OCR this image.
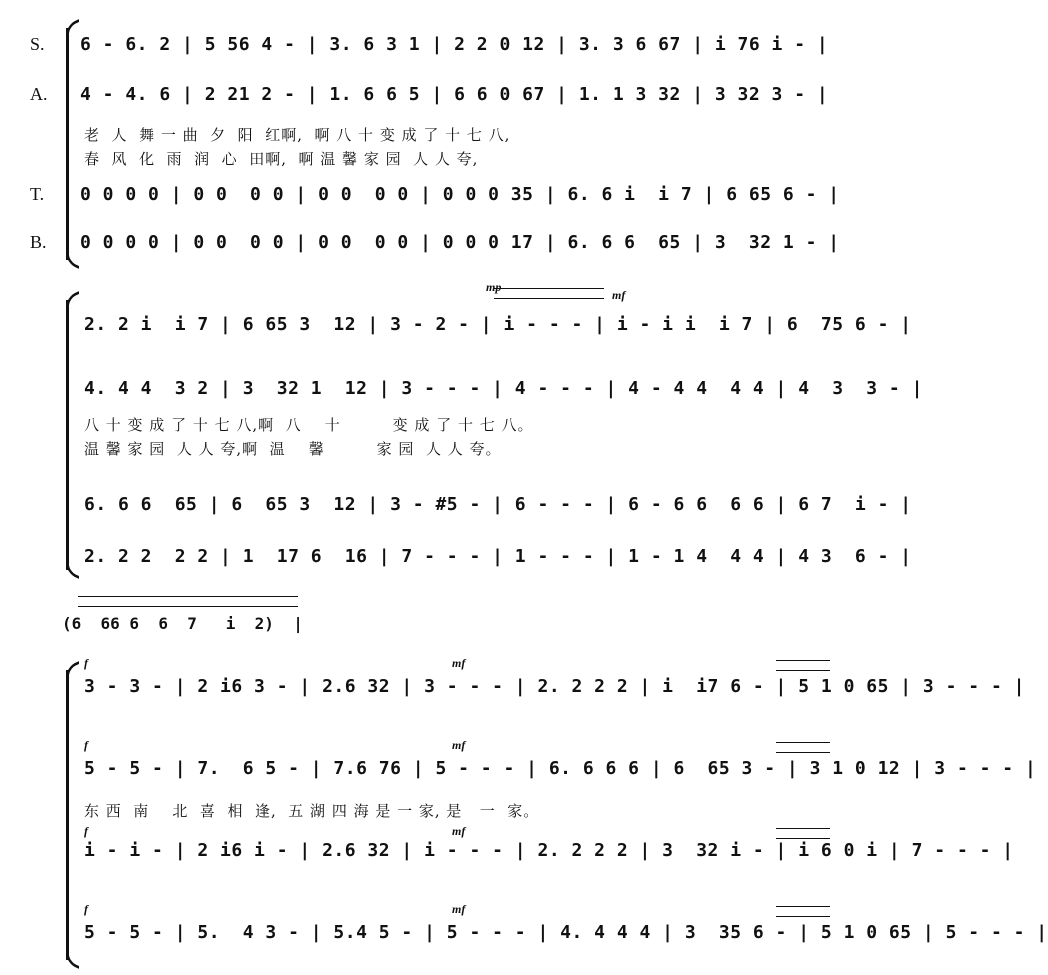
S.
A.
T.
B.
6 - 6. 2 | 5 56 4 - | 3. 6 3 1 | 2 2 0 12 | 3. 3 6 67 | i 76 i - |
4 - 4. 6 | 2 21 2 - | 1. 6 6 5 | 6 6 0 67 | 1. 1 3 32 | 3 32 3 - |
老  人  舞 一 曲  夕  阳  红啊,  啊 八 十 变 成 了 十 七 八,
春  风  化  雨  润  心  田啊,  啊 温 馨 家 园  人 人 夸,
0 0 0 0 | 0 0  0 0 | 0 0  0 0 | 0 0 0 35 | 6. 6 i  i 7 | 6 65 6 - |
0 0 0 0 | 0 0  0 0 | 0 0  0 0 | 0 0 0 17 | 6. 6 6  65 | 3  32 1 - |
mp
mf
2. 2 i  i 7 | 6 65 3  12 | 3 - 2 - | i - - - | i - i i  i 7 | 6  75 6 - |
4. 4 4  3 2 | 3  32 1  12 | 3 - - - | 4 - - - | 4 - 4 4  4 4 | 4  3  3 - |
八 十 变 成 了 十 七 八,啊  八    十         变 成 了 十 七 八。
温 馨 家 园  人 人 夸,啊  温    馨         家 园  人 人 夸。
6. 6 6  65 | 6  65 3  12 | 3 - #5 - | 6 - - - | 6 - 6 6  6 6 | 6 7  i - |
2. 2 2  2 2 | 1  17 6  16 | 7 - - - | 1 - - - | 1 - 1 4  4 4 | 4 3  6 - |
(6  66 6  6  7   i  2)  |
f	mf
3 - 3 - | 2 i6 3 - | 2.6 32 | 3 - - - | 2. 2 2 2 | i  i7 6 - | 5 1 0 65 | 3 - - - |
f	mf
5 - 5 - | 7.  6 5 - | 7.6 76 | 5 - - - | 6. 6 6 6 | 6  65 3 - | 3 1 0 12 | 3 - - - |
东 西  南    北  喜  相  逢,  五 湖 四 海 是 一 家, 是   一  家。
f	mf
i - i - | 2 i6 i - | 2.6 32 | i - - - | 2. 2 2 2 | 3  32 i - | i 6 0 i | 7 - - - |
f	mf
5 - 5 - | 5.  4 3 - | 5.4 5 - | 5 - - - | 4. 4 4 4 | 3  35 6 - | 5 1 0 65 | 5 - - - |
